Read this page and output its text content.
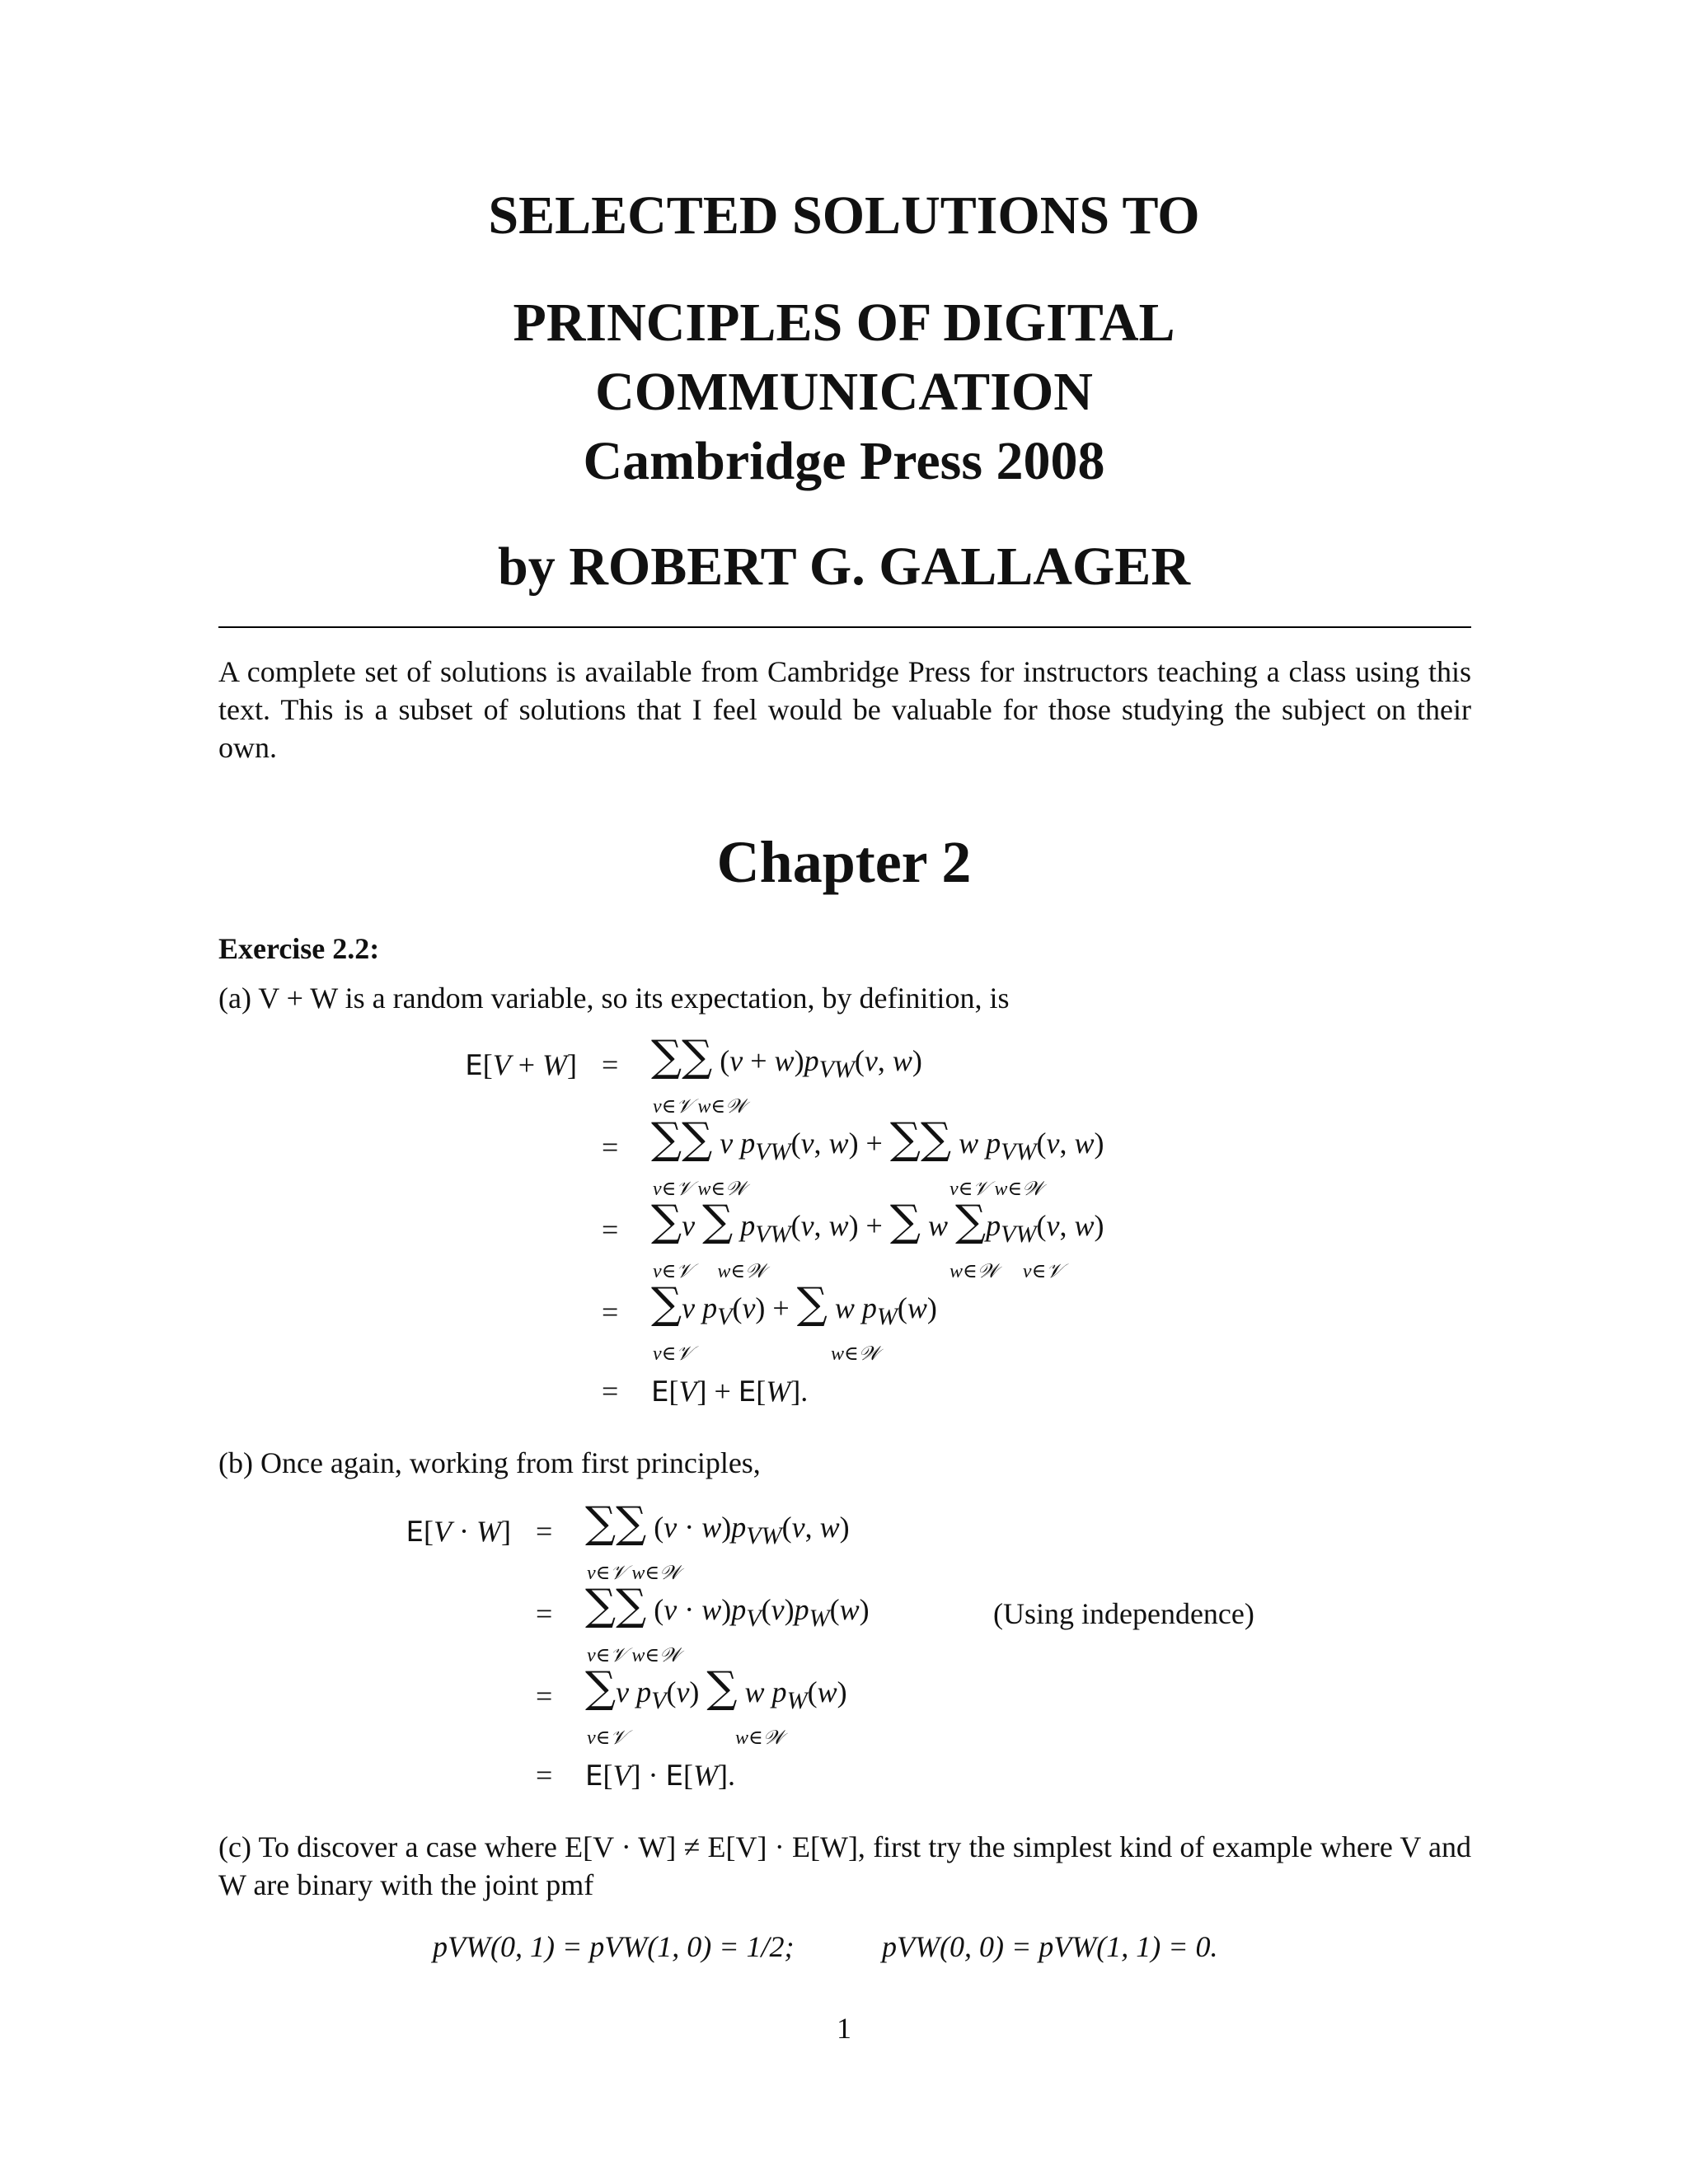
SELECTED SOLUTIONS TO
PRINCIPLES OF DIGITAL
COMMUNICATION
Cambridge Press 2008
by ROBERT G. GALLAGER

A complete set of solutions is available from Cambridge Press for instructors teaching a class using this text. This is a subset of solutions that I feel would be valuable for those studying the subject on their own.

Chapter 2

Exercise 2.2:

(a) V + W is a random variable, so its expectation, by definition, is

E[V + W] = ∑∑ $(v + w)p_{VW}(v$, w)
v∈𝒱 w∈𝒲
= ∑∑ v $p_{VW}(v$, w) + ∑∑ w $p_{VW}(v$, w)
v∈𝒱 w∈𝒲	v∈𝒱 w∈𝒲
= ∑v ∑ $p_{VW}(v$, w) + ∑ w $\sum p_{VW}(v$, w)
v∈𝒱     w∈𝒲	w∈𝒲     v∈𝒱
= ∑v $p_V(v)$ + ∑ w $p_W(w)$
v∈𝒱	w∈𝒲
= E[V] + E[W].

(b) Once again, working from first principles,

E[V · W] = ∑∑ $(v \cdot w)p_{VW}(v$, w)
v∈𝒱 w∈𝒲
= ∑∑ $(v \cdot w)p_V(v)p_W(w)$	(Using independence)
v∈𝒱 w∈𝒲
= ∑v $p_V(v)$ ∑ w $p_W(w)$
v∈𝒱	w∈𝒲
= E[V] · E[W].

(c) To discover a case where E[V · W] ≠ E[V] · E[W], first try the simplest kind of example where V and W are binary with the joint pmf

pVW(0, 1) = pVW(1, 0) = 1/2;	pVW(0, 0) = pVW(1, 1) = 0.
1
